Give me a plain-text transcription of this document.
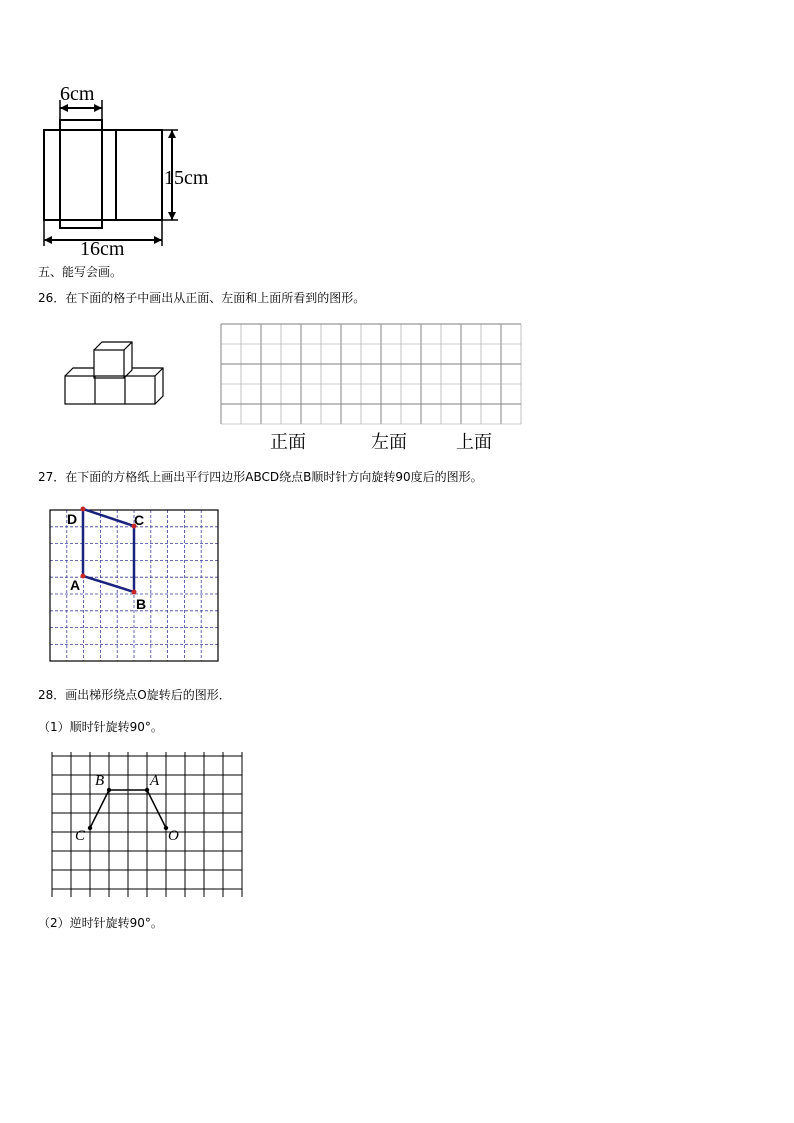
6cm
15cm
16cm
五、能写会画。
26．在下面的格子中画出从正面、左面和上面所看到的图形。
正面	左面	上面
27．在下面的方格纸上画出平行四边形ABCD绕点B顺时针方向旋转90度后的图形。
D	C
A
B
28．画出梯形绕点O旋转后的图形．
（1）顺时针旋转90°。
B	A
C	O
（2）逆时针旋转90°。
